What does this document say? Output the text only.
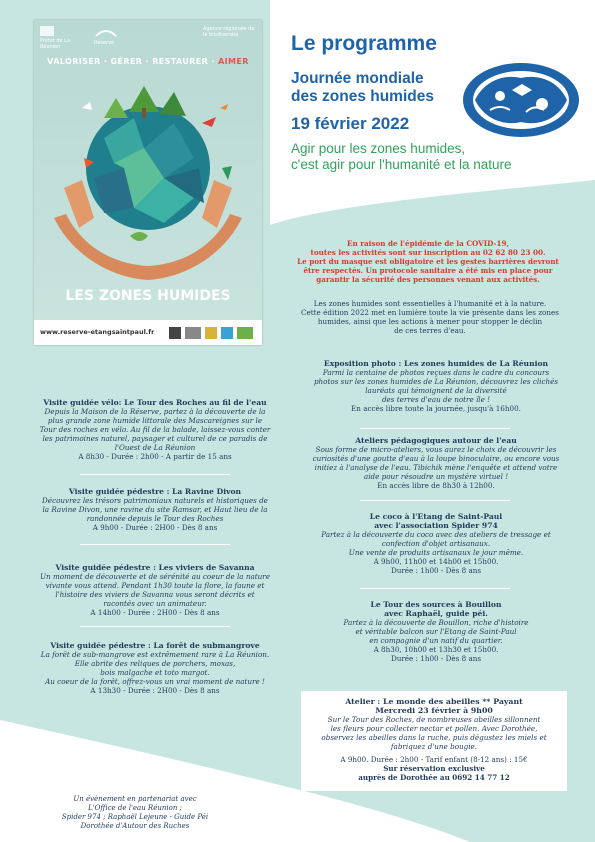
Préfet de La Réunion
Réserve
Agence régionale de la biodiversité
VALORISER · GÉRER · RESTAURER · AIMER
LES ZONES HUMIDES
www.reserve-etangsaintpaul.fr
Le programme
Journée mondiale
des zones humides
19 février 2022
Agir pour les zones humides,
c'est agir pour l'humanité et la nature
En raison de l'épidémie de la COVID-19,
toutes les activités sont sur inscription au 02 62 80 23 00.
Le port du masque est obligatoire et les gestes barrières devront
être respectés. Un protocole sanitaire a été mis en place pour
garantir la sécurité des personnes venant aux activités.
Les zones humides sont essentielles à l'humanité et à la nature.
Cette édition 2022 met en lumière toute la vie présente dans les zones
humides, ainsi que les actions à mener pour stopper le déclin
de ces terres d'eau.
Visite guidée vélo: Le Tour des Roches au fil de l'eau
Depuis la Maison de la Réserve, partez à la découverte de la
plus grande zone humide littorale des Mascareignes sur le
Tour des roches en vélo. Au fil de la balade, laissez-vous conter
les patrimoines naturel, paysager et culturel de ce paradis de
l'Ouest de La Réunion
A 8h30 - Durée : 2h00 - A partir de 15 ans
Visite guidée pédestre : La Ravine Divon
Découvrez les trésors patrimoniaux naturels et historiques de
la Ravine Divon, une ravine du site Ramsar, et Haut lieu de la
randonnée depuis le Tour des Roches
A 9h00 - Durée : 2H00 - Dès 8 ans
Visite guidée pédestre : Les viviers de Savanna
Un moment de découverte et de sérénité au coeur de la nature
vivante vous attend. Pendant 1h30 toute la flore, la faune et
l'histoire des viviers de Savanna vous seront décrits et
racontés avec un animateur.
A 14h00 - Durée : 2H00 - Dès 8 ans
Visite guidée pédestre : La forêt de submangrove
La forêt de sub-mangrove est extrêmement rare à La Réunion.
Elle abrite des reliques de porchers, moxas,
bois malgache et toto margot.
Au coeur de la forêt, offrez-vous un vrai moment de nature !
A 13h30 - Durée : 2H00 - Dès 8 ans
Exposition photo : Les zones humides de La Réunion
Parmi la centaine de photos reçues dans le cadre du concours
photos sur les zones humides de La Réunion, découvrez les clichés
lauréats qui témoignent de la diversité
des terres d'eau de notre île !
En accès libre toute la journée, jusqu'à 16h00.
Ateliers pédagogiques autour de l'eau
Sous forme de micro-ateliers, vous aurez le choix de découvrir les
curiosités d'une goutte d'eau à la loupe binoculaire, ou encore vous
initiez à l'analyse de l'eau. Tibichik mène l'enquête et attend votre
aide pour résoudre un mystère virtuel !
En accès libre de 8h30 à 12h00.
Le coco à l'Etang de Saint-Paul
avec l'association Spider 974
Partez à la découverte du coco avec des ateliers de tressage et
confection d'objet artisanaux.
Une vente de produits artisanaux le jour même.
A 9h00, 11h00 et 14h00 et 15h00.
Durée : 1h00 - Dès 8 ans
Le Tour des sources à Bouillon
avec Raphaël, guide péi.
Partez à la découverte de Bouillon, riche d'histoire
et véritable balcon sur l'Etang de Saint-Paul
en compagnie d'un natif du quartier.
A 8h30, 10h00 et 13h30 et 15h00.
Durée : 1h00 - Dès 8 ans
Atelier : Le monde des abeilles ** Payant
Mercredi 23 février à 9h00
Sur le Tour des Roches, de nombreuses abeilles sillonnent
les fleurs pour collecter nectar et pollen. Avec Dorothée,
observez les abeilles dans la ruche, puis dégustez les miels et
fabriquez d'une bougie.
A 9h00. Durée : 2h00 - Tarif enfant (8-12 ans) : 15€
Sur réservation exclusive
auprès de Dorothée au 0692 14 77 12
Un évènement en partenariat avec
L'Office de l'eau Réunion ;
Spider 974 ; Raphaël Lejeune - Guide Péi
Dorothée d'Autour des Ruches
